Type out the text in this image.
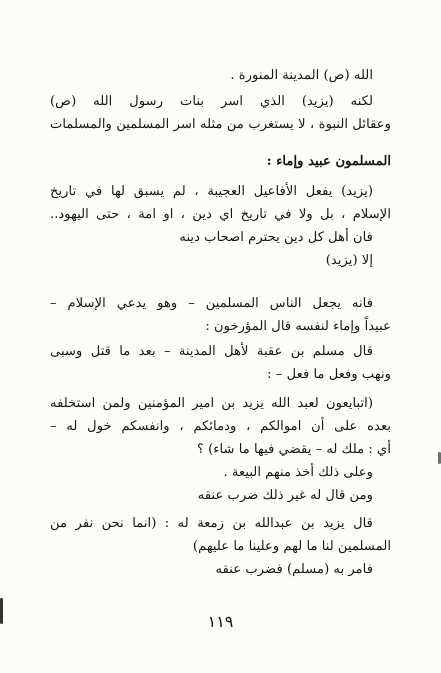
الله (ص) المدينة المنورة .
لكنه (يزيد) الذي اسر بنات رسول الله (ص)
وعقائل النبوة ، لا يستغرب من مثله اسر المسلمين والمسلمات
المسلمون عبيد وإماء :
(يزيد) يفعل الأفاعيل العجيبة ، لم يسبق لها في تاريخ
الإسلام ، بل ولا في تاريخ اي دين ، او امة ، حتى اليهود..
فان أهل كل دين يحترم اصحاب دينه
إلا (يزيد)
فانه يجعل الناس المسلمين – وهو يدعي الإسلام –
عبيداً وإماء لنفسه قال المؤرخون :
قال مسلم بن عقبة لأهل المدينة – بعد ما قتل وسبى
ونهب وفعل ما فعل – :
(اتبايعون لعبد الله يزيد بن امير المؤمنين ولمن استخلفه
بعده على أن اموالكم ، ودمائكم ، وانفسكم خول له –
أي : ملك له – يقضي فيها ما شاء) ؟
وعلى ذلك أخذ منهم البيعة .
ومن قال له غير ذلك ضرب عنقه
قال يزيد بن عبدالله بن زمعة له : (انما نحن نفر من
المسلمين لنا ما لهم وعلينا ما عليهم)
فامر به (مسلم) فضرب عنقه
١١٩
